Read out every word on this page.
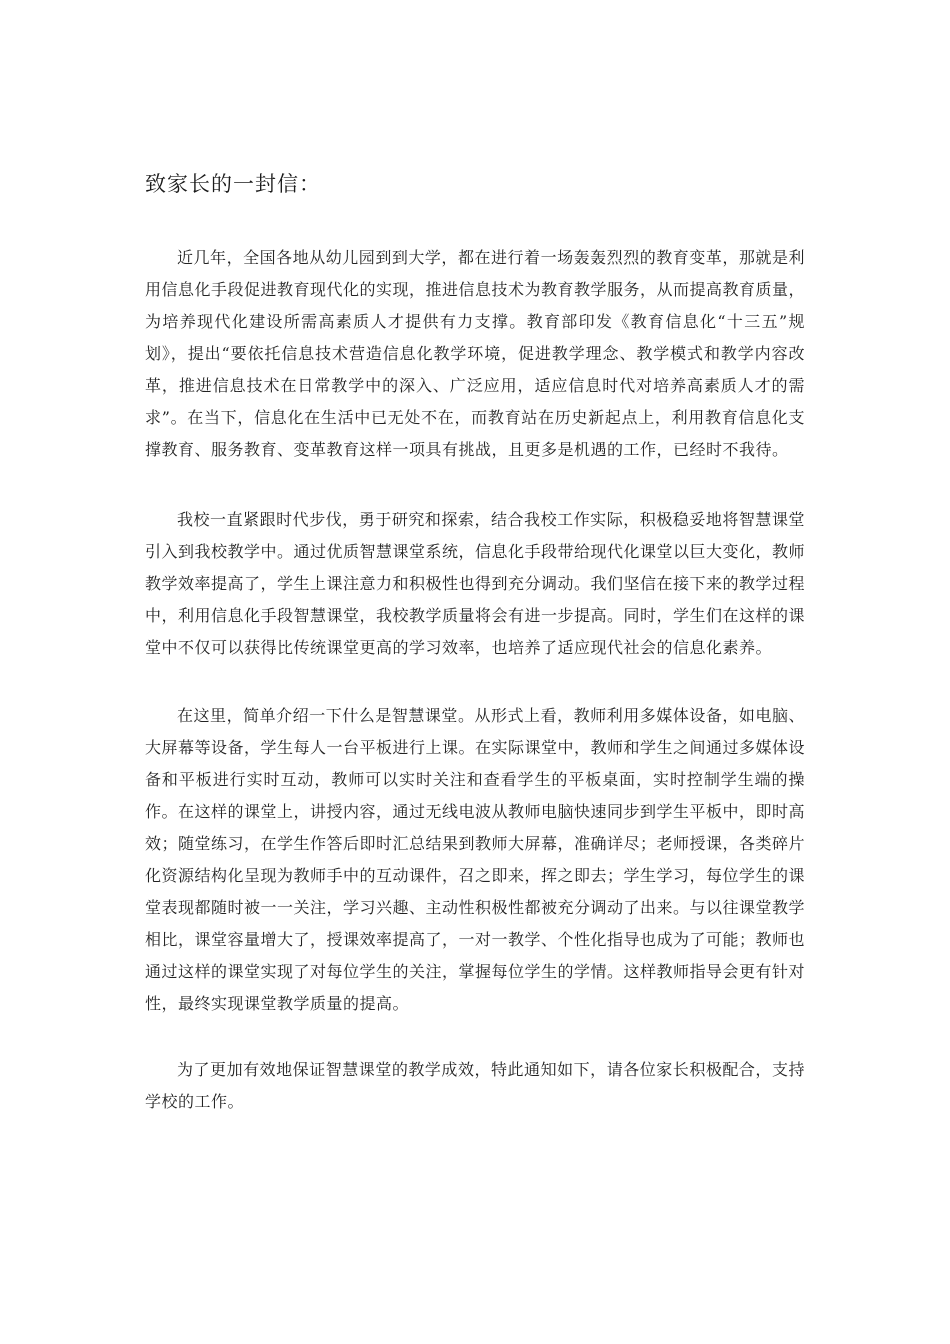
致家长的一封信：

近几年，全国各地从幼儿园到到大学，都在进行着一场轰轰烈烈的教育变革，那就是利用信息化手段促进教育现代化的实现，推进信息技术为教育教学服务，从而提高教育质量，为培养现代化建设所需高素质人才提供有力支撑。教育部印发《教育信息化“十三五”规划》，提出“要依托信息技术营造信息化教学环境，促进教学理念、教学模式和教学内容改革，推进信息技术在日常教学中的深入、广泛应用，适应信息时代对培养高素质人才的需求”。在当下，信息化在生活中已无处不在，而教育站在历史新起点上，利用教育信息化支撑教育、服务教育、变革教育这样一项具有挑战，且更多是机遇的工作，已经时不我待。

我校一直紧跟时代步伐，勇于研究和探索，结合我校工作实际，积极稳妥地将智慧课堂引入到我校教学中。通过优质智慧课堂系统，信息化手段带给现代化课堂以巨大变化，教师教学效率提高了，学生上课注意力和积极性也得到充分调动。我们坚信在接下来的教学过程中，利用信息化手段智慧课堂，我校教学质量将会有进一步提高。同时，学生们在这样的课堂中不仅可以获得比传统课堂更高的学习效率，也培养了适应现代社会的信息化素养。

在这里，简单介绍一下什么是智慧课堂。从形式上看，教师利用多媒体设备，如电脑、大屏幕等设备，学生每人一台平板进行上课。在实际课堂中，教师和学生之间通过多媒体设备和平板进行实时互动，教师可以实时关注和查看学生的平板桌面，实时控制学生端的操作。在这样的课堂上，讲授内容，通过无线电波从教师电脑快速同步到学生平板中，即时高效；随堂练习，在学生作答后即时汇总结果到教师大屏幕，准确详尽；老师授课，各类碎片化资源结构化呈现为教师手中的互动课件，召之即来，挥之即去；学生学习，每位学生的课堂表现都随时被一一关注，学习兴趣、主动性积极性都被充分调动了出来。与以往课堂教学相比，课堂容量增大了，授课效率提高了，一对一教学、个性化指导也成为了可能；教师也通过这样的课堂实现了对每位学生的关注，掌握每位学生的学情。这样教师指导会更有针对性，最终实现课堂教学质量的提高。

为了更加有效地保证智慧课堂的教学成效，特此通知如下，请各位家长积极配合，支持学校的工作。
